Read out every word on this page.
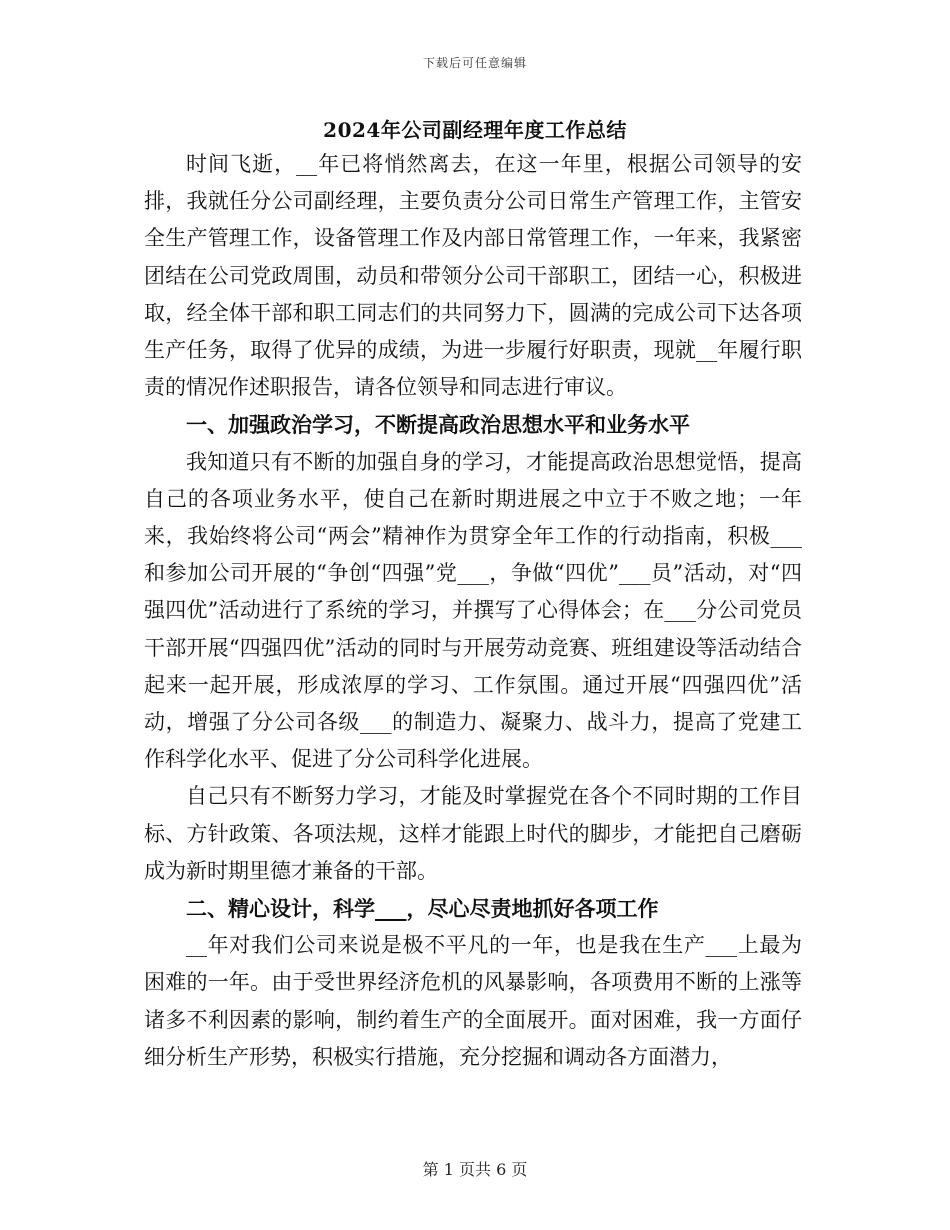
下载后可任意编辑
2024年公司副经理年度工作总结

时间飞逝，__年已将悄然离去，在这一年里，根据公司领导的安排，我就任分公司副经理，主要负责分公司日常生产管理工作，主管安全生产管理工作，设备管理工作及内部日常管理工作，一年来，我紧密团结在公司党政周围，动员和带领分公司干部职工，团结一心，积极进取，经全体干部和职工同志们的共同努力下，圆满的完成公司下达各项生产任务，取得了优异的成绩，为进一步履行好职责，现就__年履行职责的情况作述职报告，请各位领导和同志进行审议。

一、加强政治学习，不断提高政治思想水平和业务水平

我知道只有不断的加强自身的学习，才能提高政治思想觉悟，提高自己的各项业务水平，使自己在新时期进展之中立于不败之地；一年来，我始终将公司“两会”精神作为贯穿全年工作的行动指南，积极___和参加公司开展的“争创“四强”党___，争做“四优”___员”活动，对“四强四优”活动进行了系统的学习，并撰写了心得体会；在___分公司党员干部开展“四强四优”活动的同时与开展劳动竞赛、班组建设等活动结合起来一起开展，形成浓厚的学习、工作氛围。通过开展“四强四优”活动，增强了分公司各级___的制造力、凝聚力、战斗力，提高了党建工作科学化水平、促进了分公司科学化进展。

自己只有不断努力学习，才能及时掌握党在各个不同时期的工作目标、方针政策、各项法规，这样才能跟上时代的脚步，才能把自己磨砺成为新时期里德才兼备的干部。

二、精心设计，科学___，尽心尽责地抓好各项工作

__年对我们公司来说是极不平凡的一年，也是我在生产___上最为困难的一年。由于受世界经济危机的风暴影响，各项费用不断的上涨等诸多不利因素的影响，制约着生产的全面展开。面对困难，我一方面仔细分析生产形势，积极实行措施，充分挖掘和调动各方面潜力，

第 1 页共 6 页
